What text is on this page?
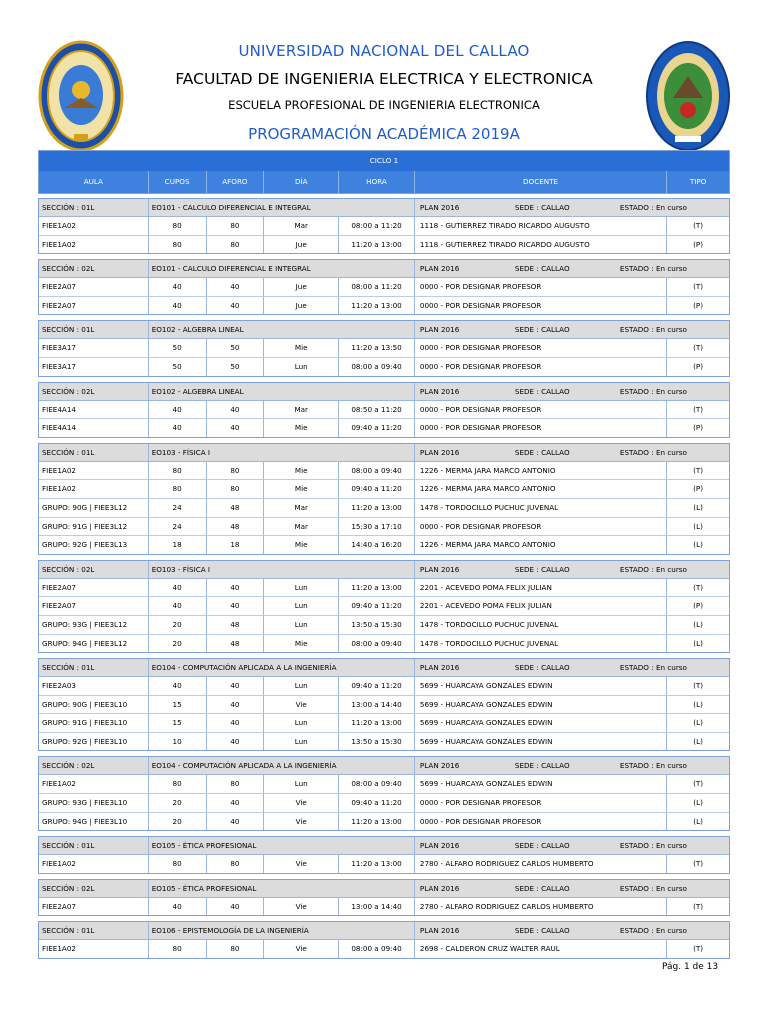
UNIVERSIDAD NACIONAL DEL CALLAO
FACULTAD DE INGENIERIA ELECTRICA Y ELECTRONICA
ESCUELA PROFESIONAL DE INGENIERIA ELECTRONICA
PROGRAMACIÓN ACADÉMICA 2019A
CICLO 1
AULA	CUPOS	AFORO	DÍA	HORA	DOCENTE	TIPO
SECCIÓN : 01L	EO101 - CALCULO DIFERENCIAL E INTEGRAL	PLAN 2016	SEDE : CALLAO	ESTADO : En curso
FIEE1A02	80	80	Mar	08:00 a 11:20	1118 - GUTIERREZ TIRADO RICARDO AUGUSTO	(T)
FIEE1A02	80	80	Jue	11:20 a 13:00	1118 - GUTIERREZ TIRADO RICARDO AUGUSTO	(P)
SECCIÓN : 02L	EO101 - CALCULO DIFERENCIAL E INTEGRAL	PLAN 2016	SEDE : CALLAO	ESTADO : En curso
FIEE2A07	40	40	Jue	08:00 a 11:20	0000 - POR DESIGNAR PROFESOR	(T)
FIEE2A07	40	40	Jue	11:20 a 13:00	0000 - POR DESIGNAR PROFESOR	(P)
SECCIÓN : 01L	EO102 - ALGEBRA LINEAL	PLAN 2016	SEDE : CALLAO	ESTADO : En curso
FIEE3A17	50	50	Mie	11:20 a 13:50	0000 - POR DESIGNAR PROFESOR	(T)
FIEE3A17	50	50	Lun	08:00 a 09:40	0000 - POR DESIGNAR PROFESOR	(P)
SECCIÓN : 02L	EO102 - ALGEBRA LINEAL	PLAN 2016	SEDE : CALLAO	ESTADO : En curso
FIEE4A14	40	40	Mar	08:50 a 11:20	0000 - POR DESIGNAR PROFESOR	(T)
FIEE4A14	40	40	Mie	09:40 a 11:20	0000 - POR DESIGNAR PROFESOR	(P)
SECCIÓN : 01L	EO103 - FÍSICA I	PLAN 2016	SEDE : CALLAO	ESTADO : En curso
FIEE1A02	80	80	Mie	08:00 a 09:40	1226 - MERMA JARA MARCO ANTONIO	(T)
FIEE1A02	80	80	Mie	09:40 a 11:20	1226 - MERMA JARA MARCO ANTONIO	(P)
GRUPO: 90G | FIEE3L12	24	48	Mar	11:20 a 13:00	1478 - TORDOCILLO PUCHUC JUVENAL	(L)
GRUPO: 91G | FIEE3L12	24	48	Mar	15:30 a 17:10	0000 - POR DESIGNAR PROFESOR	(L)
GRUPO: 92G | FIEE3L13	18	18	Mie	14:40 a 16:20	1226 - MERMA JARA MARCO ANTONIO	(L)
SECCIÓN : 02L	EO103 - FÍSICA I	PLAN 2016	SEDE : CALLAO	ESTADO : En curso
FIEE2A07	40	40	Lun	11:20 a 13:00	2201 - ACEVEDO POMA FELIX JULIAN	(T)
FIEE2A07	40	40	Lun	09:40 a 11:20	2201 - ACEVEDO POMA FELIX JULIAN	(P)
GRUPO: 93G | FIEE3L12	20	48	Lun	13:50 a 15:30	1478 - TORDOCILLO PUCHUC JUVENAL	(L)
GRUPO: 94G | FIEE3L12	20	48	Mie	08:00 a 09:40	1478 - TORDOCILLO PUCHUC JUVENAL	(L)
SECCIÓN : 01L	EO104 - COMPUTACIÓN APLICADA A LA INGENIERÍA	PLAN 2016	SEDE : CALLAO	ESTADO : En curso
FIEE2A03	40	40	Lun	09:40 a 11:20	5699 - HUARCAYA GONZALES EDWIN	(T)
GRUPO: 90G | FIEE3L10	15	40	Vie	13:00 a 14:40	5699 - HUARCAYA GONZALES EDWIN	(L)
GRUPO: 91G | FIEE3L10	15	40	Lun	11:20 a 13:00	5699 - HUARCAYA GONZALES EDWIN	(L)
GRUPO: 92G | FIEE3L10	10	40	Lun	13:50 a 15:30	5699 - HUARCAYA GONZALES EDWIN	(L)
SECCIÓN : 02L	EO104 - COMPUTACIÓN APLICADA A LA INGENIERÍA	PLAN 2016	SEDE : CALLAO	ESTADO : En curso
FIEE1A02	80	80	Lun	08:00 a 09:40	5699 - HUARCAYA GONZALES EDWIN	(T)
GRUPO: 93G | FIEE3L10	20	40	Vie	09:40 a 11:20	0000 - POR DESIGNAR PROFESOR	(L)
GRUPO: 94G | FIEE3L10	20	40	Vie	11:20 a 13:00	0000 - POR DESIGNAR PROFESOR	(L)
SECCIÓN : 01L	EO105 - ÉTICA PROFESIONAL	PLAN 2016	SEDE : CALLAO	ESTADO : En curso
FIEE1A02	80	80	Vie	11:20 a 13:00	2780 - ALFARO RODRIGUEZ CARLOS HUMBERTO	(T)
SECCIÓN : 02L	EO105 - ÉTICA PROFESIONAL	PLAN 2016	SEDE : CALLAO	ESTADO : En curso
FIEE2A07	40	40	Vie	13:00 a 14:40	2780 - ALFARO RODRIGUEZ CARLOS HUMBERTO	(T)
SECCIÓN : 01L	EO106 - EPISTEMOLOGÍA DE LA INGENIERÍA	PLAN 2016	SEDE : CALLAO	ESTADO : En curso
FIEE1A02	80	80	Vie	08:00 a 09:40	2698 - CALDERON CRUZ WALTER RAUL	(T)
Pág. 1 de 13
